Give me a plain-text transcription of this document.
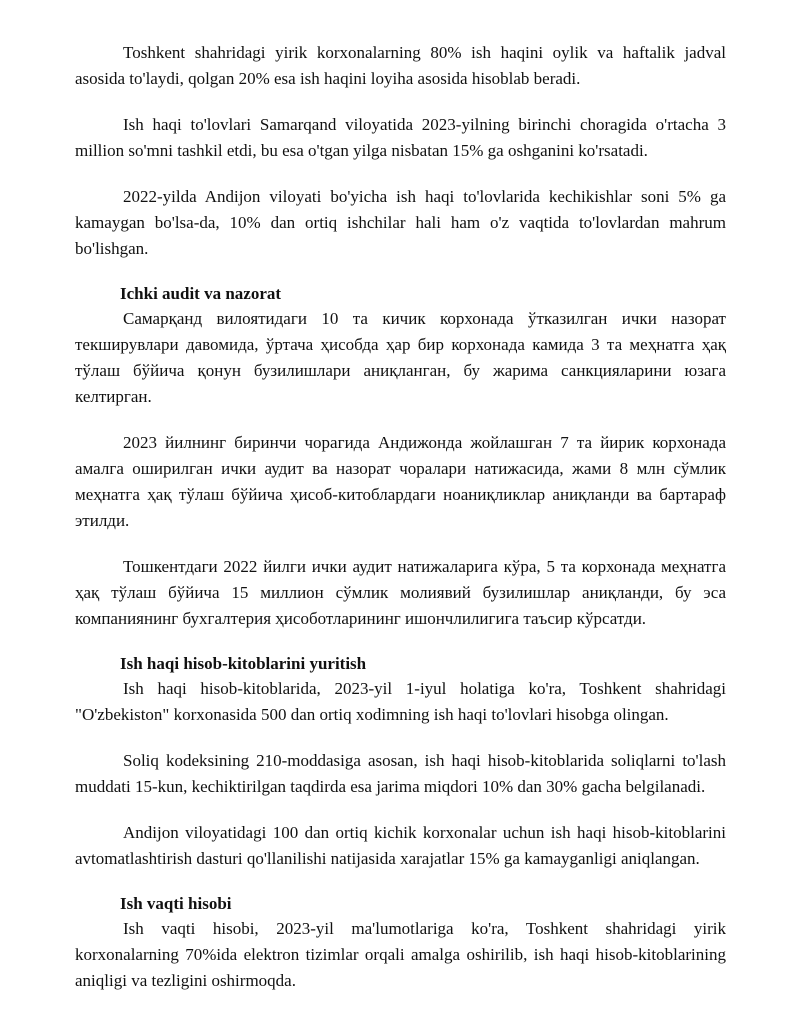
Toshkent shahridagi yirik korxonalarning 80% ish haqini oylik va haftalik jadval asosida to'laydi, qolgan 20% esa ish haqini loyiha asosida hisoblab beradi.

Ish haqi to'lovlari Samarqand viloyatida 2023-yilning birinchi choragida o'rtacha 3 million so'mni tashkil etdi, bu esa o'tgan yilga nisbatan 15% ga oshganini ko'rsatadi.

2022-yilda Andijon viloyati bo'yicha ish haqi to'lovlarida kechikishlar soni 5% ga kamaygan bo'lsa-da, 10% dan ortiq ishchilar hali ham o'z vaqtida to'lovlardan mahrum bo'lishgan.

Ichki audit va nazorat

Самарқанд вилоятидаги 10 та кичик корхонада ўтказилган ички назорат текширувлари давомида, ўртача ҳисобда ҳар бир корхонада камида 3 та меҳнатга ҳақ тўлаш бўйича қонун бузилишлари аниқланган, бу жарима санкцияларини юзага келтирган.

2023 йилнинг биринчи чорагида Андижонда жойлашган 7 та йирик корхонада амалга оширилган ички аудит ва назорат чоралари натижасида, жами 8 млн сўмлик меҳнатга ҳақ тўлаш бўйича ҳисоб-китоблардаги ноаниқликлар аниқланди ва бартараф этилди.

Тошкентдаги 2022 йилги ички аудит натижаларига кўра, 5 та корхонада меҳнатга ҳақ тўлаш бўйича 15 миллион сўмлик молиявий бузилишлар аниқланди, бу эса компаниянинг бухгалтерия ҳисоботларининг ишончлилигига таъсир кўрсатди.

Ish haqi hisob-kitoblarini yuritish

Ish haqi hisob-kitoblarida, 2023-yil 1-iyul holatiga ko'ra, Toshkent shahridagi "O'zbekiston" korxonasida 500 dan ortiq xodimning ish haqi to'lovlari hisobga olingan.

Soliq kodeksining 210-moddasiga asosan, ish haqi hisob-kitoblarida soliqlarni to'lash muddati 15-kun, kechiktirilgan taqdirda esa jarima miqdori 10% dan 30% gacha belgilanadi.

Andijon viloyatidagi 100 dan ortiq kichik korxonalar uchun ish haqi hisob-kitoblarini avtomatlashtirish dasturi qo'llanilishi natijasida xarajatlar 15% ga kamayganligi aniqlangan.

Ish vaqti hisobi

Ish vaqti hisobi, 2023-yil ma'lumotlariga ko'ra, Toshkent shahridagi yirik korxonalarning 70%ida elektron tizimlar orqali amalga oshirilib, ish haqi hisob-kitoblarining aniqligi va tezligini oshirmoqda.
